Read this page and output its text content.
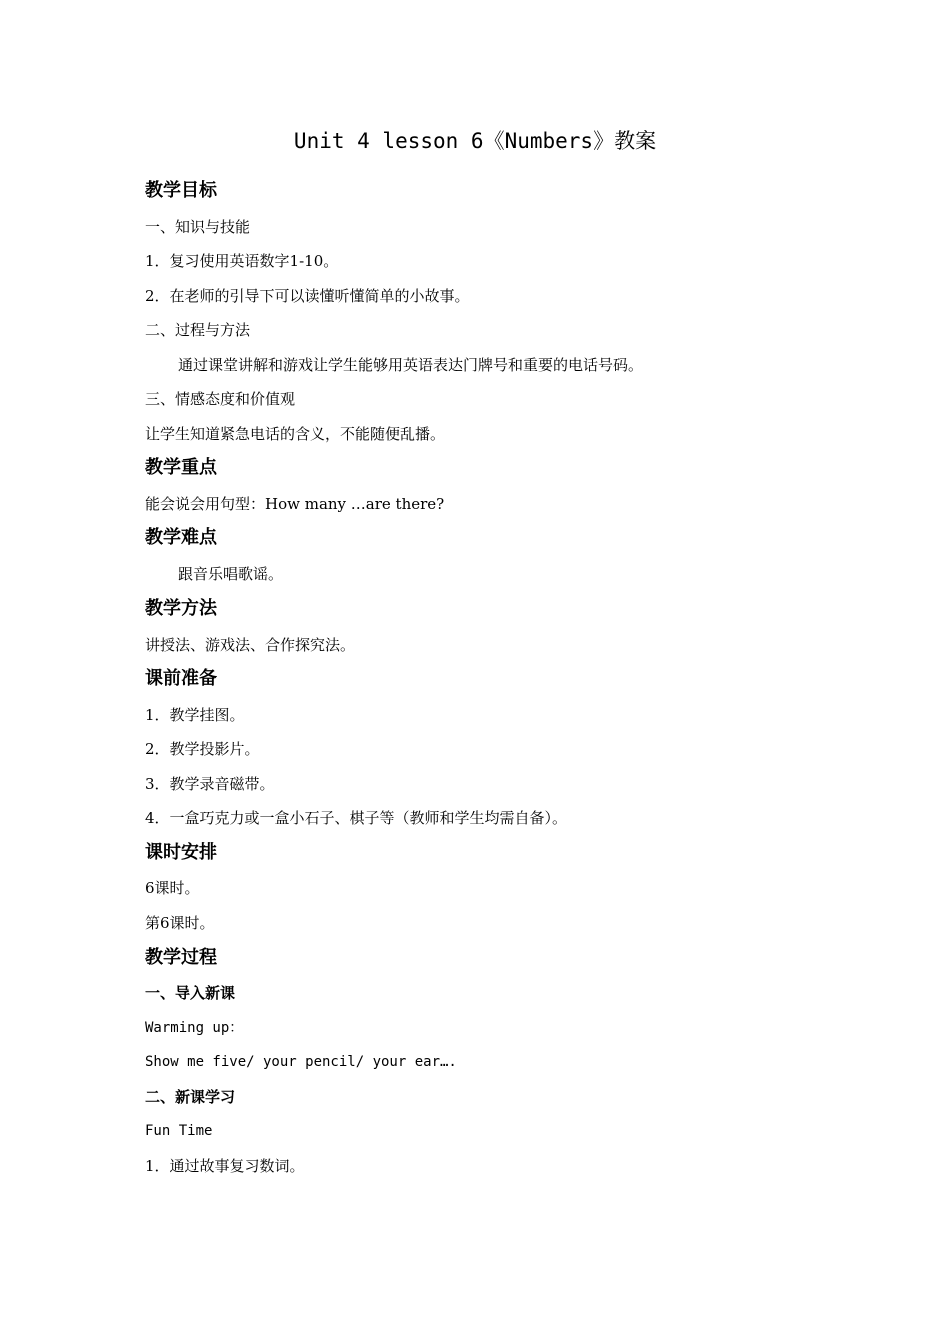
Unit 4 lesson 6《Numbers》教案
教学目标
一、知识与技能
1．复习使用英语数字1-10。
2．在老师的引导下可以读懂听懂简单的小故事。
二、过程与方法
通过课堂讲解和游戏让学生能够用英语表达门牌号和重要的电话号码。
三、情感态度和价值观
让学生知道紧急电话的含义，不能随便乱播。
教学重点
能会说会用句型：How many …are there?
教学难点
跟音乐唱歌谣。
教学方法
讲授法、游戏法、合作探究法。
课前准备
1．教学挂图。
2．教学投影片。
3．教学录音磁带。
4．一盒巧克力或一盒小石子、棋子等（教师和学生均需自备）。
课时安排
6课时。
第6课时。
教学过程
一、导入新课
Warming up：
Show me five/ your pencil/ your ear….
二、新课学习
Fun Time
1．通过故事复习数词。
